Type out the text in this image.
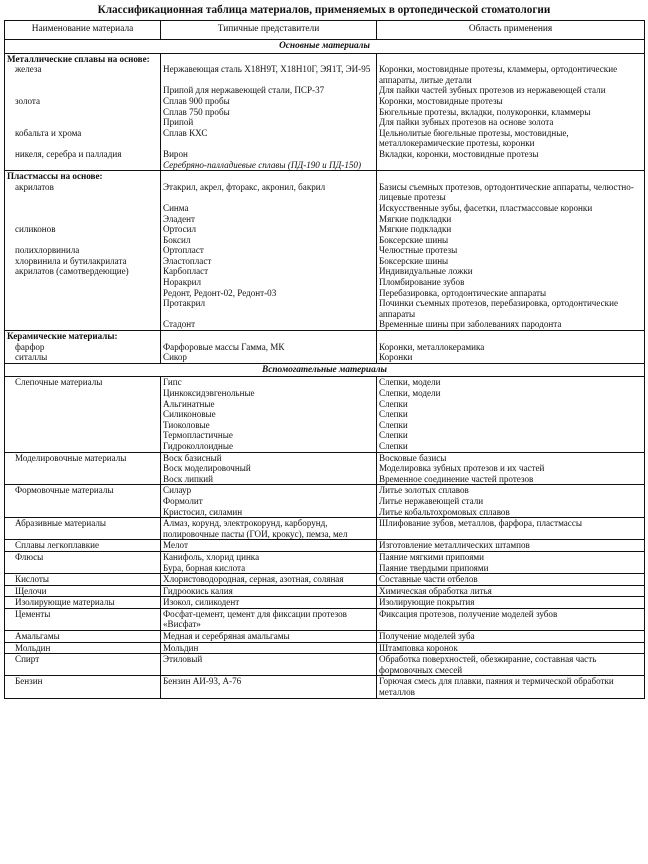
Классификационная таблица материалов, применяемых в ортопедической стоматологии
Наименование материала	Типичные представители	Область применения
Основные материалы		
Металлические сплавы на основе:		
железа	Нержавеющая сталь Х18Н9Т, Х18Н10Г, ЭЯ1Т, ЭИ-95	Коронки, мостовидные протезы, кламмеры, ортодонтические аппараты, литые детали
	Припой для нержавеющей стали, ПСР-37	Для пайки частей зубных протезов из нержавеющей стали
золота	Сплав 900 пробы	Коронки, мостовидные протезы
	Сплав 750 пробы	Бюгельные протезы, вкладки, полукоронки, кламмеры
	Припой	Для пайки зубных протезов на основе золота
кобальта и хрома	Сплав КХС	Цельнолитые бюгельные протезы, мостовидные, металлокерамические протезы, коронки
никеля, серебра и палладия	Вирон	Вкладки, коронки, мостовидные протезы
	Серебряно-палладиевые сплавы (ПД-190 и ПД-150)	
Пластмассы на основе:		
акрилатов	Этакрил, акрел, фторакс, акронил, бакрил	Базисы съемных протезов, ортодонтические аппараты, челюстно-лицевые протезы
	Синма	Искусственные зубы, фасетки, пластмассовые коронки
	Эладент	Мягкие подкладки
силиконов	Ортосил	Мягкие подкладки
	Боксил	Боксерские шины
полихлорвинила	Ортопласт	Челюстные протезы
хлорвинила и бутилакрилата	Эластопласт	Боксерские шины
акрилатов (самотвердеющие)	Карбопласт	Индивидуальные ложки
	Норакрил	Пломбирование зубов
	Редонт, Редонт-02, Редонт-03	Перебазировка, ортодонтические аппараты
	Протакрил	Починки съемных протезов, перебазировка, ортодонтические аппараты
	Стадонт	Временные шины при заболеваниях пародонта
Керамические материалы:		
фарфор	Фарфоровые массы Гамма, МК	Коронки, металлокерамика
ситаллы	Сикор	Коронки
Вспомогательные материалы		
Слепочные материалы	Гипс	Слепки, модели
	Цинкоксидэвгенольные	Слепки, модели
	Альгинатные	Слепки
	Силиконовые	Слепки
	Тиоколовые	Слепки
	Термопластичные	Слепки
	Гидроколлоидные	Слепки
Моделировочные материалы	Воск базисный	Восковые базисы
	Воск моделировочный	Моделировка зубных протезов и их частей
	Воск липкий	Временное соединение частей протезов
Формовочные материалы	Силаур	Литье золотых сплавов
	Формолит	Литье нержавеющей стали
	Кристосил, силамин	Литье кобальтохромовых сплавов
Абразивные материалы	Алмаз, корунд, электрокорунд, карборунд, полировочные пасты (ГОИ, крокус), пемза, мел	Шлифование зубов, металлов, фарфора, пластмассы
Сплавы легкоплавкие	Мелот	Изготовление металлических штампов
Флюсы	Канифоль, хлорид цинка	Паяние мягкими припоями
	Бура, борная кислота	Паяние твердыми припоями
Кислоты	Хлористоводородная, серная, азотная, соляная	Составные части отбелов
Щелочи	Гидроокись калия	Химическая обработка литья
Изолирующие материалы	Изокол, силикодент	Изолирующие покрытия
Цементы	Фосфат-цемент, цемент для фиксации протезов «Висфат»	Фиксация протезов, получение моделей зубов
Амальгамы	Медная и серебряная амальгамы	Получение моделей зуба
Мольдин	Мольдин	Штамповка коронок
Спирт	Этиловый	Обработка поверхностей, обезжирание, составная часть формовочных смесей
Бензин	Бензин АИ-93, А-76	Горючая смесь для плавки, паяния и термической обработки металлов
